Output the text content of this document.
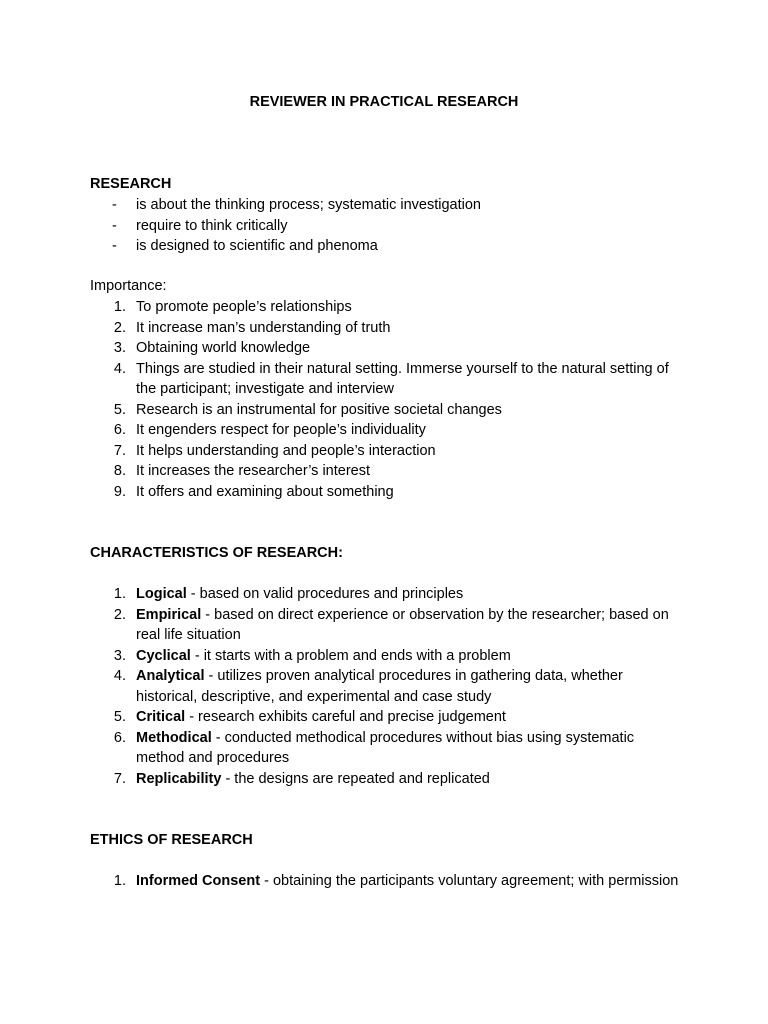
REVIEWER IN PRACTICAL RESEARCH
RESEARCH
- is about the thinking process; systematic investigation
- require to think critically
- is designed to scientific and phenoma

Importance:

1. To promote people’s relationships
2. It increase man’s understanding of truth
3. Obtaining world knowledge
4. Things are studied in their natural setting. Immerse yourself to the natural setting of the participant; investigate and interview
5. Research is an instrumental for positive societal changes
6. It engenders respect for people’s individuality
7. It helps understanding and people’s interaction
8. It increases the researcher’s interest
9. It offers and examining about something
CHARACTERISTICS OF RESEARCH:
1. Logical - based on valid procedures and principles
2. Empirical - based on direct experience or observation by the researcher; based on real life situation
3. Cyclical - it starts with a problem and ends with a problem
4. Analytical - utilizes proven analytical procedures in gathering data, whether historical, descriptive, and experimental and case study
5. Critical - research exhibits careful and precise judgement
6. Methodical - conducted methodical procedures without bias using systematic method and procedures
7. Replicability - the designs are repeated and replicated
ETHICS OF RESEARCH
1. Informed Consent - obtaining the participants voluntary agreement; with permission
